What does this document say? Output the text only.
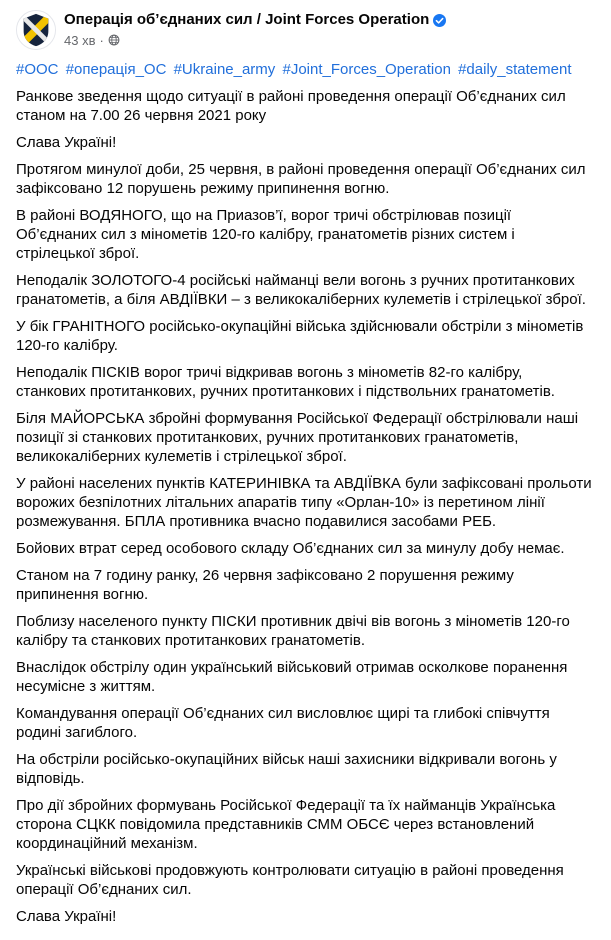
Операція об’єднаних сил / Joint Forces Operation
43 хв ·

#ООС #операція_ОС #Ukraine_army #Joint_Forces_Operation #daily_statement

Ранкове зведення щодо ситуації в районі проведення операції Об’єднаних сил станом на 7.00 26 червня 2021 року

Слава Україні!

Протягом минулої доби, 25 червня, в районі проведення операції Об’єднаних сил зафіксовано 12 порушень режиму припинення вогню.

В районі ВОДЯНОГО, що на Приазов’ї, ворог тричі обстрілював позиції Об’єднаних сил з мінометів 120-го калібру, гранатометів різних систем і стрілецької зброї.

Неподалік ЗОЛОТОГО-4 російські найманці вели вогонь з ручних протитанкових гранатометів, а біля АВДІЇВКИ – з великокаліберних кулеметів і стрілецької зброї.

У бік ГРАНІТНОГО російсько-окупаційні війська здійснювали обстріли з мінометів 120-го калібру.

Неподалік ПІСКІВ ворог тричі відкривав вогонь з мінометів 82-го калібру, станкових протитанкових, ручних протитанкових і підствольних гранатометів.

Біля МАЙОРСЬКА збройні формування Російської Федерації обстрілювали наші позиції зі станкових протитанкових, ручних протитанкових гранатометів, великокаліберних кулеметів і стрілецької зброї.

У районі населених пунктів КАТЕРИНІВКА та АВДІЇВКА були зафіксовані прольоти ворожих безпілотних літальних апаратів типу «Орлан-10» із перетином лінії розмежування. БПЛА противника вчасно подавилися засобами РЕБ.

Бойових втрат серед особового складу Об’єднаних сил за минулу добу немає.

Станом на 7 годину ранку, 26 червня зафіксовано 2 порушення режиму припинення вогню.

Поблизу населеного пункту ПІСКИ противник двічі вів вогонь з мінометів 120-го калібру та станкових протитанкових гранатометів.

Внаслідок обстрілу один український військовий отримав осколкове поранення несумісне з життям.

Командування операції Об’єднаних сил висловлює щирі та глибокі співчуття родині загиблого.

На обстріли російсько-окупаційних військ наші захисники відкривали вогонь у відповідь.

Про дії збройних формувань Російської Федерації та їх найманців Українська сторона СЦКК повідомила представників СММ ОБСЄ через встановлений координаційний механізм.

Українські військові продовжують контролювати ситуацію в районі проведення операції Об’єднаних сил.

Слава Україні!
